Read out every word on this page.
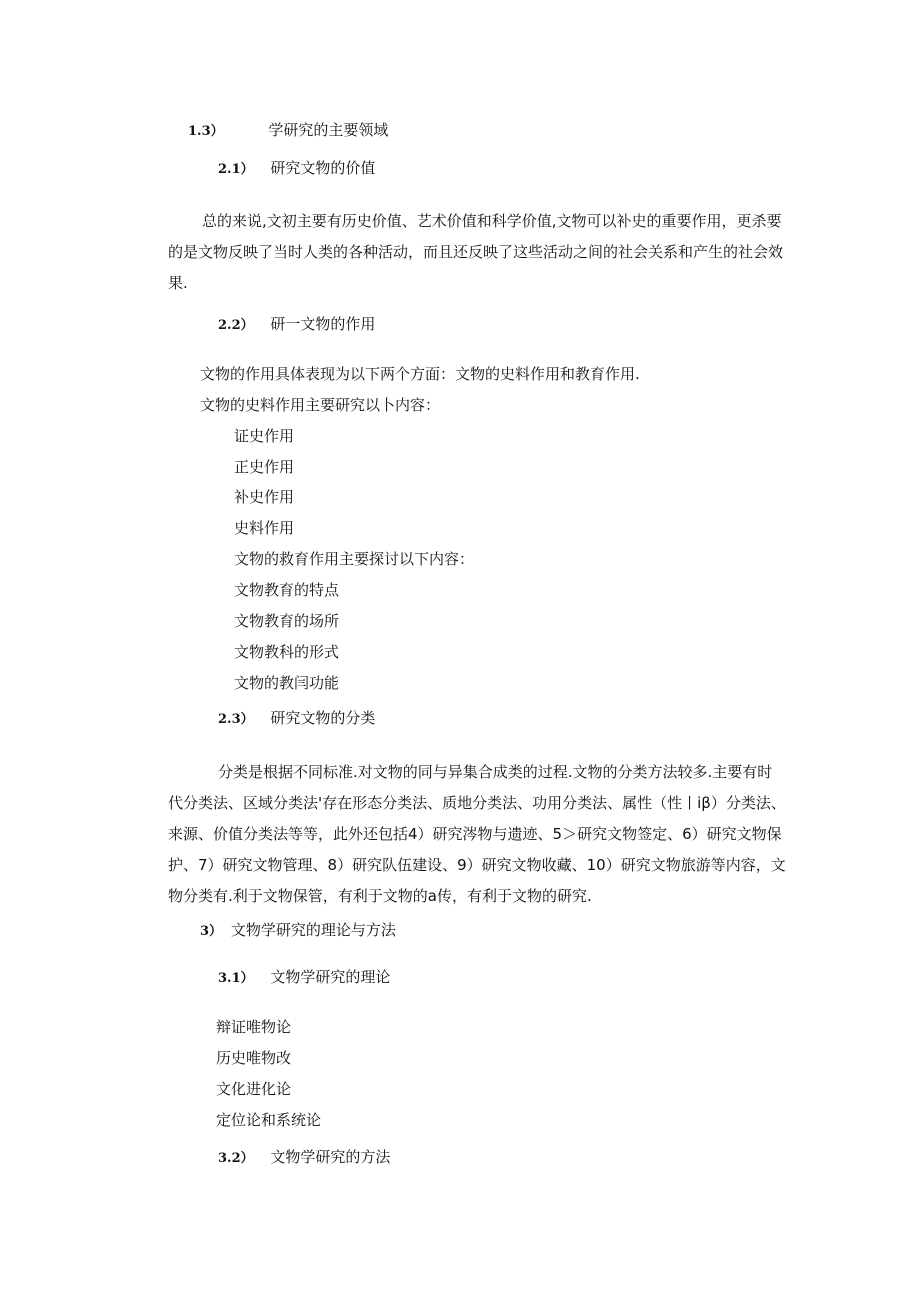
1.3）	学研究的主要领域
2.1） 研究文物的价值
总的来说,文初主要有历史价值、艺术价值和科学价值,文物可以补史的重要作用，更杀要的是文物反映了当时人类的各种活动，而且还反映了这些活动之间的社会关系和产生的社会效果.
2.2） 研一文物的作用
文物的作用具体表现为以下两个方面：文物的史料作用和教育作用.
文物的史料作用主要研究以卜内容：
证史作用
正史作用
补史作用
史料作用
文物的救育作用主要探讨以下内容：
文物教育的特点
文物教育的场所
文物教科的形式
文物的教闫功能
2.3） 研究文物的分类
分类是根据不同标准.对文物的同与异集合成类的过程.文物的分类方法较多.主要有时代分类法、区域分类法'存在形态分类法、质地分类法、功用分类法、属性（性丨iβ）分类法、来源、价值分类法等等，此外还包括4）研究涔物与遗迹、5＞研究文物签定、6）研究文物保护、7）研究文物管理、8）研究队伍建设、9）研究文物收藏、10）研究文物旅游等内容，文物分类有.利于文物保管，有利于文物的a传，有利于文物的研究.
3） 文物学研究的理论与方法
3.1） 文物学研究的理论
辩证唯物论
历史唯物改
文化进化论
定位论和系统论
3.2） 文物学研究的方法
